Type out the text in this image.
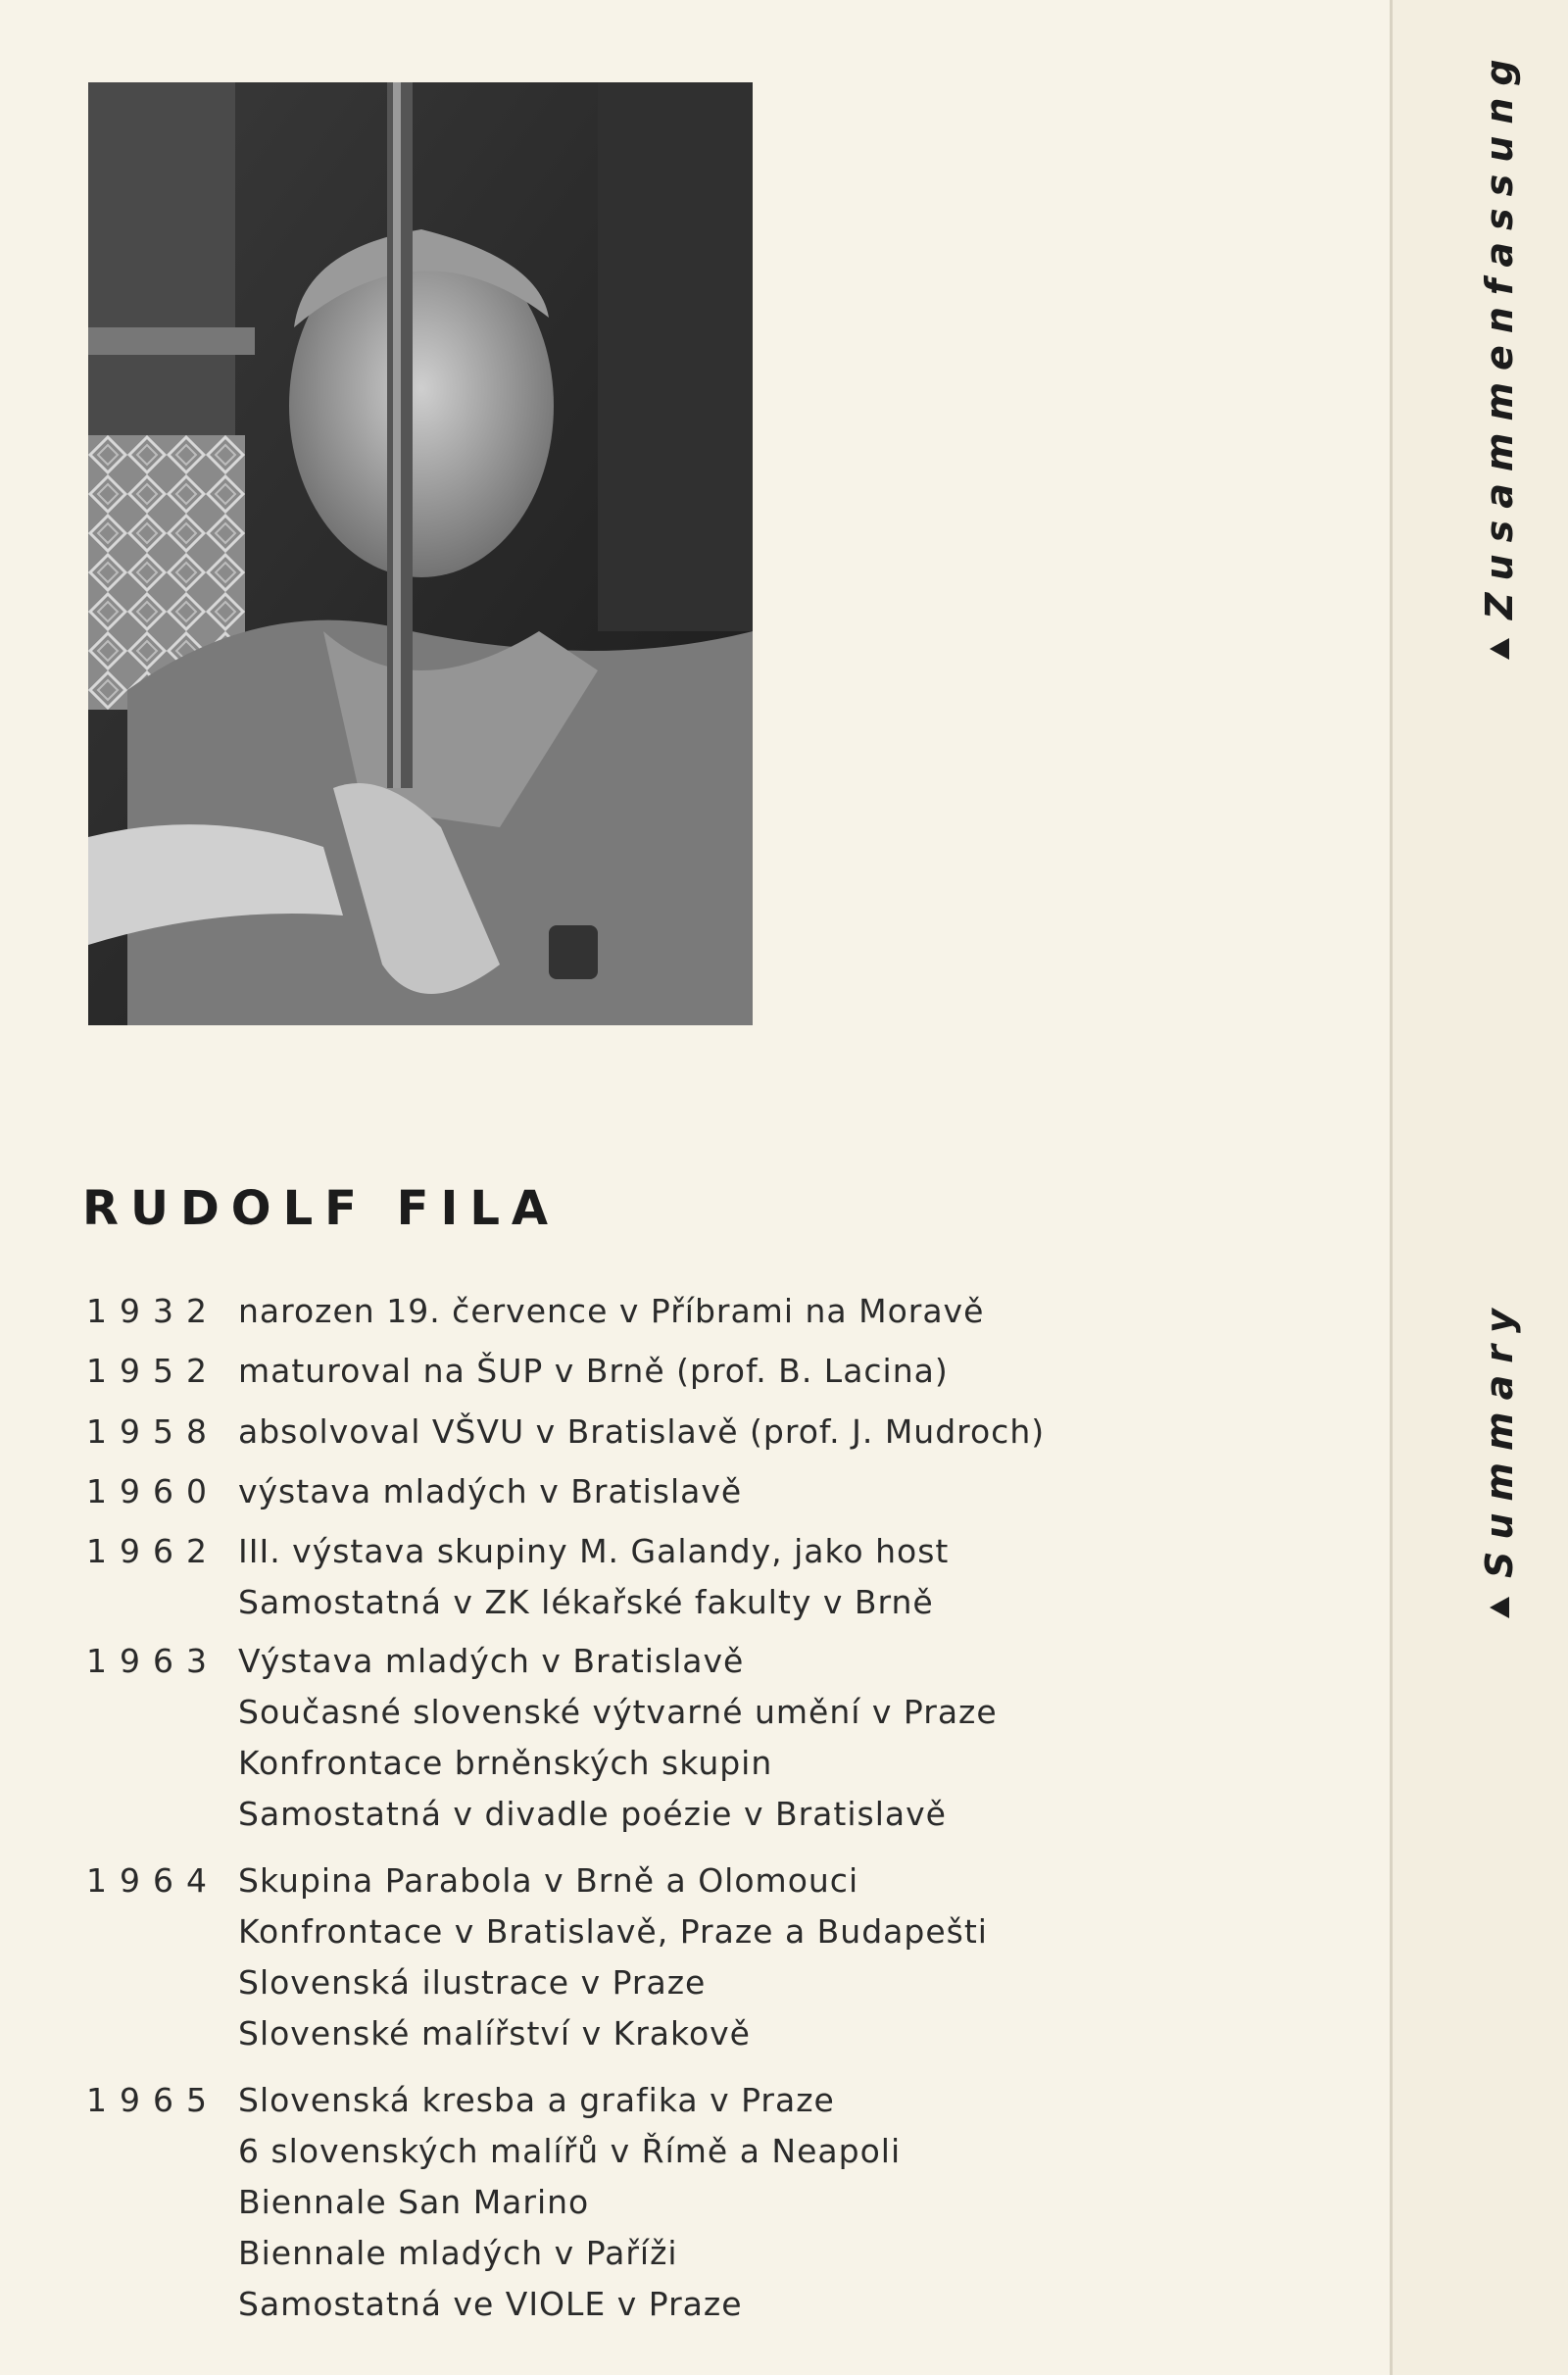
RUDOLF FILA
1932 narozen 19. července v Příbrami na Moravě
1952 maturoval na ŠUP v Brně (prof. B. Lacina)
1958 absolvoval VŠVU v Bratislavě (prof. J. Mudroch)
1960 výstava mladých v Bratislavě
1962 III. výstava skupiny M. Galandy, jako host
Samostatná v ZK lékařské fakulty v Brně
1963 Výstava mladých v Bratislavě
Současné slovenské výtvarné umění v Praze
Konfrontace brněnských skupin
Samostatná v divadle poézie v Bratislavě
1964 Skupina Parabola v Brně a Olomouci
Konfrontace v Bratislavě, Praze a Budapešti
Slovenská ilustrace v Praze
Slovenské malířství v Krakově
1965 Slovenská kresba a grafika v Praze
6 slovenských malířů v Římě a Neapoli
Biennale San Marino
Biennale mladých v Paříži
Samostatná ve VIOLE v Praze
Zusammenfassung
Summary
